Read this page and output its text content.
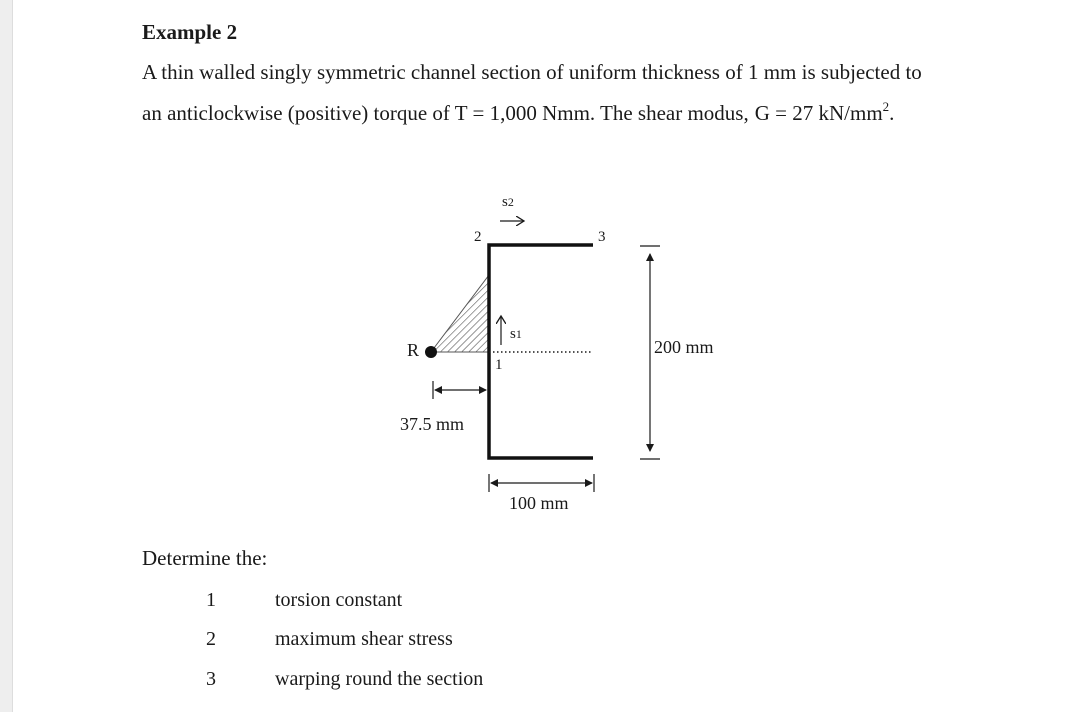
Example 2
A thin walled singly symmetric channel section of uniform thickness of 1 mm is subjected to
an anticlockwise (positive) torque of T = 1,000 Nmm. The shear modus, G = 27 $kN/mm^2$.
2	3
1
R
s1
s2
200 mm
100 mm
37.5 mm
Determine the:
1	torsion constant
2	maximum shear stress
3	warping round the section
